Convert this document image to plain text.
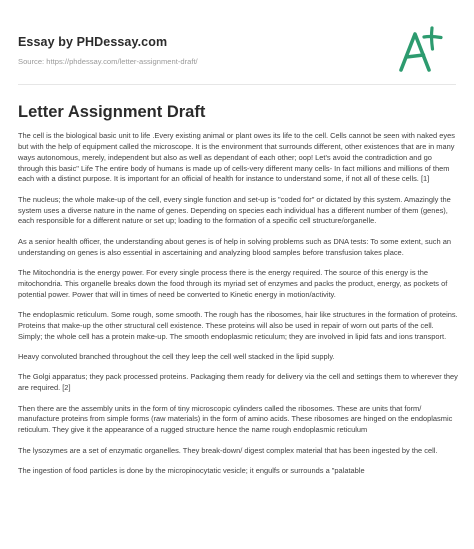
Essay by PHDessay.com
Source: https://phdessay.com/letter-assignment-draft/
Letter Assignment Draft

The cell is the biological basic unit to life .Every existing animal or plant owes its life to the cell. Cells cannot be seen with naked eyes but with the help of equipment called the microscope. It is the environment that surrounds different, other existences that are in many ways autonomous, merely, independent but also as well as dependant of each other; oop! Let's avoid the contradiction and go through this basic" Life The entire body of humans is made up of cells-very different many cells- In fact millions and millions of them each with a distinct purpose. It is important for an official of health for instance to understand some, if not all of these cells. [1]

The nucleus; the whole make-up of the cell, every single function and set-up is "coded for" or dictated by this system. Amazingly the system uses a diverse nature in the name of genes. Depending on species each individual has a different number of them (genes), each responsible for a different nature or set up; loading to the formation of a specific cell structure/organelle.

As a senior health officer, the understanding about genes is of help in solving problems such as DNA tests: To some extent, such an understanding on genes is also essential in ascertaining and analyzing blood samples before transfusion takes place.

The Mitochondria is the energy power. For every single process there is the energy required. The source of this energy is the mitochondria. This organelle breaks down the food through its myriad set of enzymes and packs the product, energy, as pockets of potential power. Power that will in times of need be converted to Kinetic energy in motion/activity.

The endoplasmic reticulum. Some rough, some smooth. The rough has the ribosomes, hair like structures in the formation of proteins. Proteins that make-up the other structural cell existence. These proteins will also be used in repair of worn out parts of the cell. Simply; the whole cell has a protein make-up. The smooth endoplasmic reticulum; they are involved in lipid fats and ions transport.

Heavy convoluted branched throughout the cell they leep the cell well stacked in the lipid supply.

The Golgi apparatus; they pack processed proteins. Packaging them ready for delivery via the cell and settings them to wherever they are required. [2]

Then there are the assembly units in the form of tiny microscopic cylinders called the ribosomes. These are units that form/ manufacture proteins from simple forms (raw materials) in the form of amino acids. These ribosomes are hinged on the endoplasmic reticulum. They give it the appearance of a rugged structure hence the name rough endoplasmic reticulum

The lysozymes are a set of enzymatic organelles. They break-down/ digest complex material that has been ingested by the cell.

The ingestion of food particles is done by the micropinocytatic vesicle; it engulfs or surrounds a "palatable
